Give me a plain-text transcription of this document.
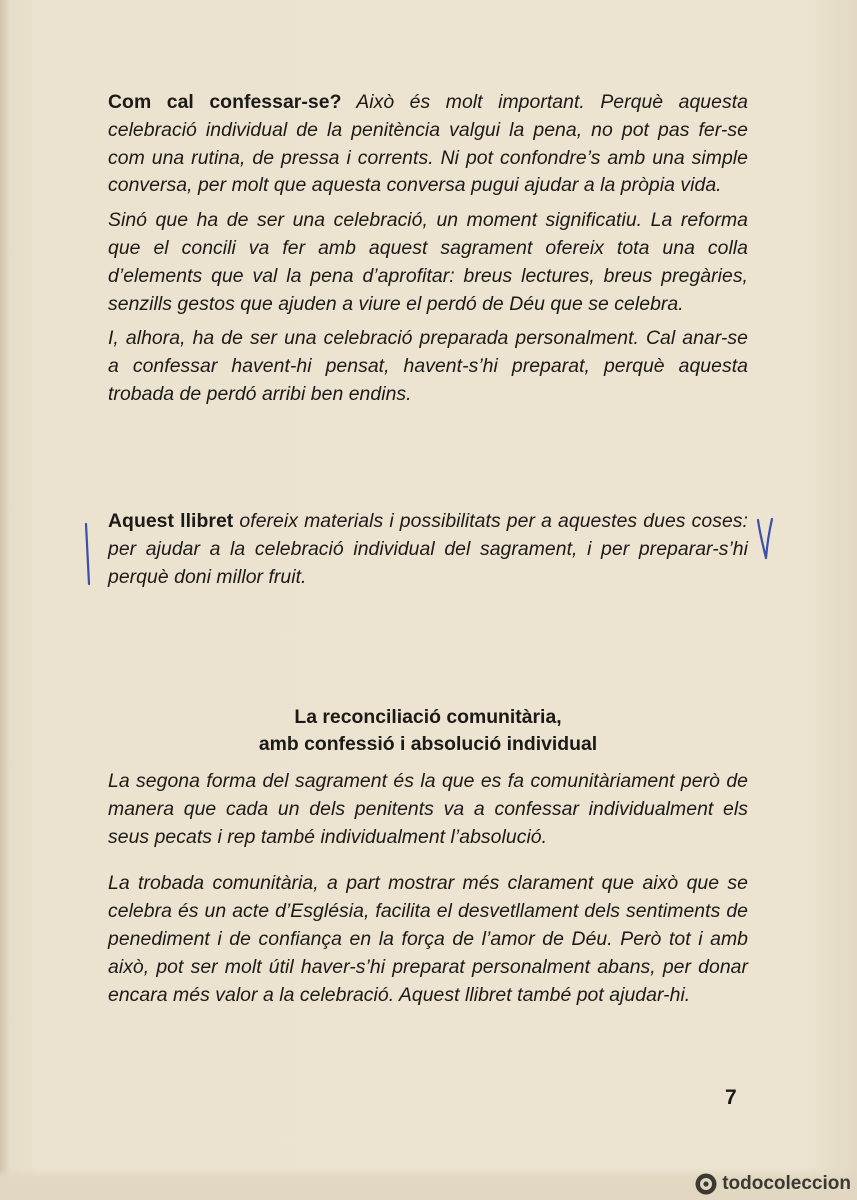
Com cal confessar-se? Això és molt important. Perquè aquesta celebració individual de la penitència valgui la pena, no pot pas fer-se com una rutina, de pressa i corrents. Ni pot confondre’s amb una simple conversa, per molt que aquesta conversa pugui ajudar a la pròpia vida.

Sinó que ha de ser una celebració, un moment significatiu. La reforma que el concili va fer amb aquest sagrament ofereix tota una colla d’elements que val la pena d’aprofitar: breus lectures, breus pregàries, senzills gestos que ajuden a viure el perdó de Déu que se celebra.

I, alhora, ha de ser una celebració preparada personalment. Cal anar-se a confessar havent-hi pensat, havent-s’hi preparat, perquè aquesta trobada de perdó arribi ben endins.

Aquest llibret ofereix materials i possibilitats per a aquestes dues coses: per ajudar a la celebració individual del sagrament, i per preparar-s’hi perquè doni millor fruit.

La reconciliació comunitària,
amb confessió i absolució individual

La segona forma del sagrament és la que es fa comunitàriament però de manera que cada un dels penitents va a confessar individualment els seus pecats i rep també individualment l’absolució.

La trobada comunitària, a part mostrar més clarament que això que se celebra és un acte d’Església, facilita el desvetllament dels sentiments de penediment i de confiança en la força de l’amor de Déu. Però tot i amb això, pot ser molt útil haver-s’hi preparat personalment abans, per donar encara més valor a la celebració. Aquest llibret també pot ajudar-hi.

7
todocoleccion
